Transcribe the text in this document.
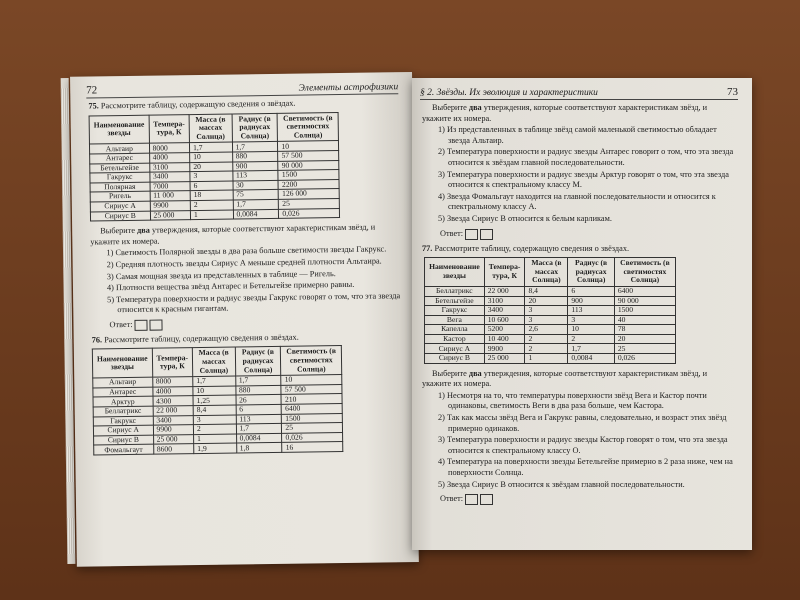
72	Элементы астрофизики
75. Рассмотрите таблицу, содержащую сведения о звёздах.
Наименование звезды	Темпера-тура, К	Масса (в массах Солнца)	Радиус (в радиусах Солнца)	Светимость (в светимостях Солнца)
Альтаир	8000	1,7	1,7	10
Антарес	4000	10	880	57 500
Бетельгейзе	3100	20	900	90 000
Гакрукс	3400	3	113	1500
Полярная	7000	6	30	2200
Ригель	11 000	18	75	126 000
Сириус А	9900	2	1,7	25
Сириус В	25 000	1	0,0084	0,026
Выберите два утверждения, которые соответствуют характеристикам звёзд, и укажите их номера.
1) Светимость Полярной звезды в два раза больше светимости звезды Гакрукс.
2) Средняя плотность звезды Сириус А меньше средней плотности Альтаира.
3) Самая мощная звезда из представленных в таблице — Ригель.
4) Плотности вещества звёзд Антарес и Бетельгейзе примерно равны.
5) Температура поверхности и радиус звезды Гакрукс говорят о том, что эта звезда относится к красным гигантам.
Ответ:
76. Рассмотрите таблицу, содержащую сведения о звёздах.
Наименование звезды	Темпера-тура, К	Масса (в массах Солнца)	Радиус (в радиусах Солнца)	Светимость (в светимостях Солнца)
Альтаир	8000	1,7	1,7	10
Антарес	4000	10	880	57 500
Арктур	4300	1,25	26	210
Беллатрикс	22 000	8,4	6	6400
Гакрукс	3400	3	113	1500
Сириус А	9900	2	1,7	25
Сириус В	25 000	1	0,0084	0,026
Фомальгаут	8600	1,9	1,8	16
§ 2. Звёзды. Их эволюция и характеристики	73
Выберите два утверждения, которые соответствуют характеристикам звёзд, и укажите их номера.
1) Из представленных в таблице звёзд самой маленькой светимостью обладает звезда Альтаир.
2) Температура поверхности и радиус звезды Антарес говорит о том, что эта звезда относится к звёздам главной последовательности.
3) Температура поверхности и радиус звезды Арктур говорят о том, что эта звезда относится к спектральному классу М.
4) Звезда Фомальгаут находится на главной последовательности и относится к спектральному классу А.
5) Звезда Сириус В относится к белым карликам.
Ответ:
77. Рассмотрите таблицу, содержащую сведения о звёздах.
Наименование звезды	Темпера-тура, К	Масса (в массах Солнца)	Радиус (в радиусах Солнца)	Светимость (в светимостях Солнца)
Беллатрикс	22 000	8,4	6	6400
Бетельгейзе	3100	20	900	90 000
Гакрукс	3400	3	113	1500
Вега	10 600	3	3	40
Капелла	5200	2,6	10	78
Кастор	10 400	2	2	20
Сириус А	9900	2	1,7	25
Сириус В	25 000	1	0,0084	0,026
Выберите два утверждения, которые соответствуют характеристикам звёзд, и укажите их номера.
1) Несмотря на то, что температуры поверхности звёзд Вега и Кастор почти одинаковы, светимость Веги в два раза больше, чем Кастора.
2) Так как массы звёзд Вега и Гакрукс равны, следовательно, и возраст этих звёзд примерно одинаков.
3) Температура поверхности и радиус звезды Кастор говорят о том, что эта звезда относится к спектральному классу О.
4) Температура на поверхности звезды Бетельгейзе примерно в 2 раза ниже, чем на поверхности Солнца.
5) Звезда Сириус В относится к звёздам главной последовательности.
Ответ:
